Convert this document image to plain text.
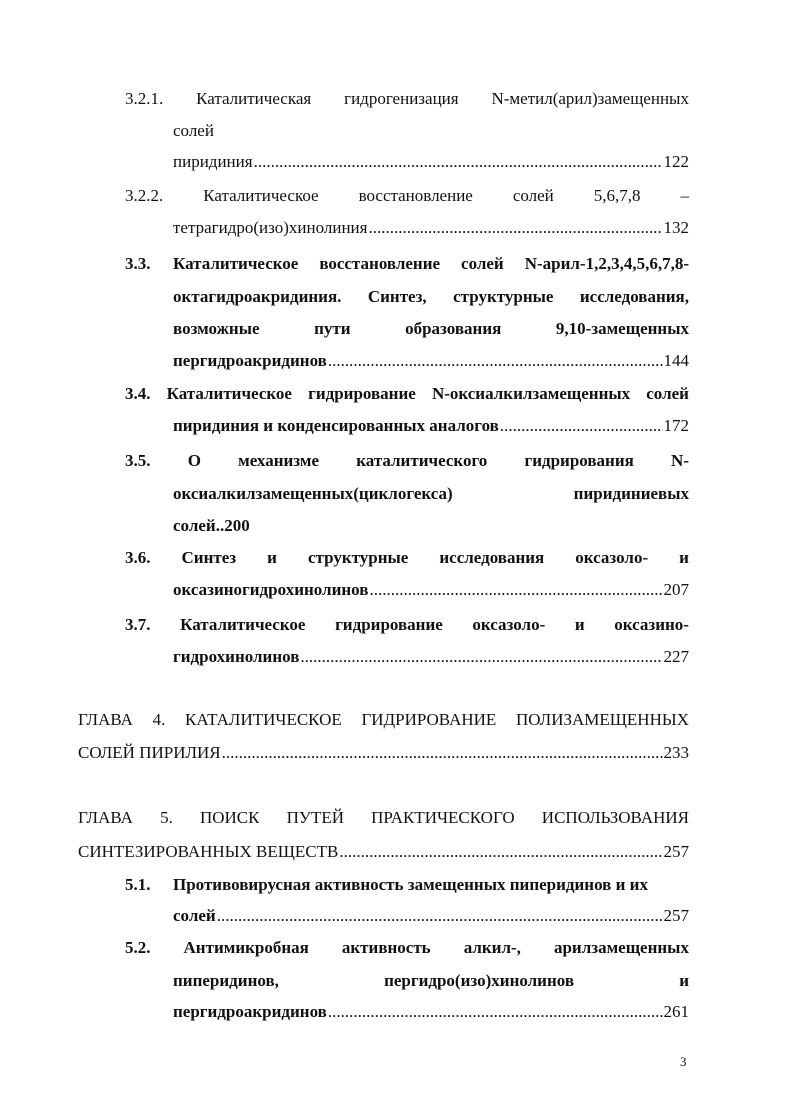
3.2.1. Каталитическая гидрогенизация N-метил(арил)замещенных
солей
пиридиния .....	122
3.2.2. Каталитическое восстановление солей 5,6,7,8 –
тетрагидро(изо)хинолиния .....	132
3.3.	Каталитическое восстановление солей N-арил-1,2,3,4,5,6,7,8-
октагидроакридиния. Синтез, структурные исследования,
возможные	пути	образования	9,10-замещенных
пергидроакридинов .....	144
3.4. Каталитическое гидрирование N-оксиалкилзамещенных солей
пиридиния и конденсированных аналогов .....	172
3.5. О механизме каталитического гидрирования N-
оксиалкилзамещенных(циклогекса)	пиридиниевых
солей..200
3.6. Синтез и структурные исследования оксазоло- и
оксазиногидрохинолинов .....	207
3.7. Каталитическое гидрирование оксазоло- и оксазино-
гидрохинолинов .....	227
ГЛАВА 4. КАТАЛИТИЧЕСКОЕ ГИДРИРОВАНИЕ ПОЛИЗАМЕЩЕННЫХ
СОЛЕЙ ПИРИЛИЯ .....	233
ГЛАВА 5. ПОИСК ПУТЕЙ ПРАКТИЧЕСКОГО ИСПОЛЬЗОВАНИЯ
СИНТЕЗИРОВАННЫХ ВЕЩЕСТВ .....	257
5.1.	Противовирусная активность замещенных пиперидинов и их
солей .....	257
5.2. Антимикробная активность алкил-, арилзамещенных
пиперидинов,	пергидро(изо)хинолинов	и
пергидроакридинов .....	261
3
